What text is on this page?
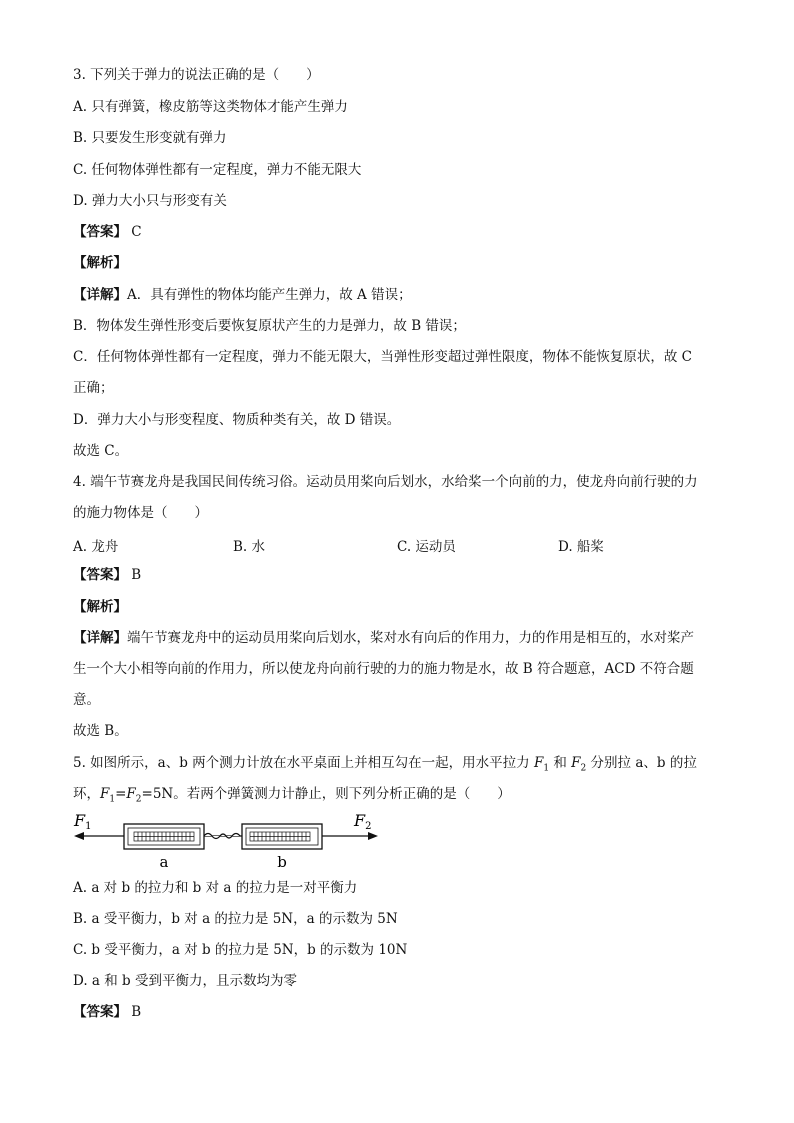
3. 下列关于弹力的说法正确的是（　　）
A. 只有弹簧，橡皮筋等这类物体才能产生弹力
B. 只要发生形变就有弹力
C. 任何物体弹性都有一定程度，弹力不能无限大
D. 弹力大小只与形变有关
【答案】 C
【解析】
【详解】A．具有弹性的物体均能产生弹力，故 A 错误；
B．物体发生弹性形变后要恢复原状产生的力是弹力，故 B 错误；
C．任何物体弹性都有一定程度，弹力不能无限大，当弹性形变超过弹性限度，物体不能恢复原状，故 C
正确；
D．弹力大小与形变程度、物质种类有关，故 D 错误。
故选 C。
4. 端午节赛龙舟是我国民间传统习俗。运动员用桨向后划水，水给桨一个向前的力，使龙舟向前行驶的力
的施力物体是（　　）
A. 龙舟	B. 水	C. 运动员	D. 船桨
【答案】 B
【解析】
【详解】端午节赛龙舟中的运动员用桨向后划水，桨对水有向后的作用力，力的作用是相互的，水对桨产
生一个大小相等向前的作用力，所以使龙舟向前行驶的力的施力物是水，故 B 符合题意，ACD 不符合题
意。
故选 B。
5. 如图所示，a、b 两个测力计放在水平桌面上并相互勾在一起，用水平拉力 $F_1$ 和 $F_2$ 分别拉 a、b 的拉
环，$F_1=F_2=5N$。若两个弹簧测力计静止，则下列分析正确的是（　　）
F1	F2
a	b
A. a 对 b 的拉力和 b 对 a 的拉力是一对平衡力
B. a 受平衡力，b 对 a 的拉力是 5N，a 的示数为 5N
C. b 受平衡力，a 对 b 的拉力是 5N，b 的示数为 10N
D. a 和 b 受到平衡力，且示数均为零
【答案】 B
